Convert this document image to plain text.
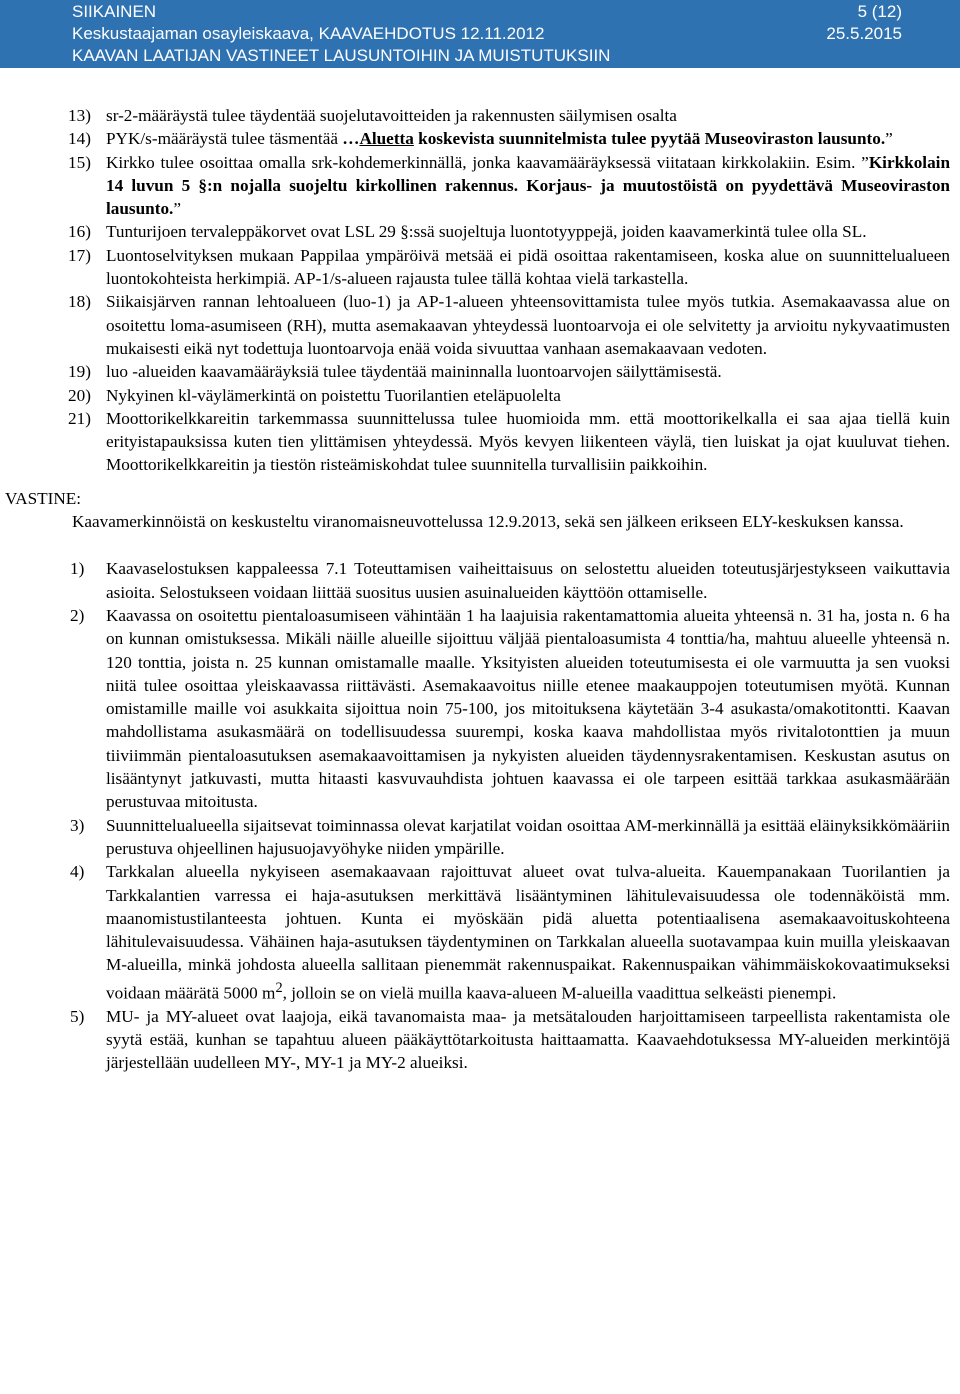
SIIKAINEN	5 (12)
Keskustaajaman osayleiskaava, KAAVAEHDOTUS 12.11.2012	25.5.2015
KAAVAN LAATIJAN VASTINEET LAUSUNTOIHIN JA MUISTUTUKSIIN
13) sr-2-määräystä tulee täydentää suojelutavoitteiden ja rakennusten säilymisen osalta
14) PYK/s-määräystä tulee täsmentää …Aluetta koskevista suunnitelmista tulee pyytää Museoviraston lausunto.”
15) Kirkko tulee osoittaa omalla srk-kohdemerkinnällä, jonka kaavamääräyksessä viitataan kirkkolakiin. Esim. ”Kirkkolain 14 luvun 5 §:n nojalla suojeltu kirkollinen rakennus. Korjaus- ja muutostöistä on pyydettävä Museoviraston lausunto.”
16) Tunturijoen tervaleppäkorvet ovat LSL 29 §:ssä suojeltuja luontotyyppejä, joiden kaavamerkintä tulee olla SL.
17) Luontoselvityksen mukaan Pappilaa ympäröivä metsää ei pidä osoittaa rakentamiseen, koska alue on suunnittelualueen luontokohteista herkimpiä. AP-1/s-alueen rajausta tulee tällä kohtaa vielä tarkastella.
18) Siikaisjärven rannan lehtoalueen (luo-1) ja AP-1-alueen yhteensovittamista tulee myös tutkia. Asemakaavassa alue on osoitettu loma-asumiseen (RH), mutta asemakaavan yhteydessä luontoarvoja ei ole selvitetty ja arvioitu nykyvaatimusten mukaisesti eikä nyt todettuja luontoarvoja enää voida sivuuttaa vanhaan asemakaavaan vedoten.
19) luo -alueiden kaavamääräyksiä tulee täydentää maininnalla luontoarvojen säilyttämisestä.
20) Nykyinen kl-väylämerkintä on poistettu Tuorilantien eteläpuolelta
21) Moottorikelkkareitin tarkemmassa suunnittelussa tulee huomioida mm. että moottorikelkalla ei saa ajaa tiellä kuin erityistapauksissa kuten tien ylittämisen yhteydessä. Myös kevyen liikenteen väylä, tien luiskat ja ojat kuuluvat tiehen. Moottorikelkkareitin ja tiestön risteämiskohdat tulee suunnitella turvallisiin paikkoihin.
VASTINE:
Kaavamerkinnöistä on keskusteltu viranomaisneuvottelussa 12.9.2013, sekä sen jälkeen erikseen ELY-keskuksen kanssa.
1) Kaavaselostuksen kappaleessa 7.1 Toteuttamisen vaiheittaisuus on selostettu alueiden toteutusjärjestykseen vaikuttavia asioita. Selostukseen voidaan liittää suositus uusien asuinalueiden käyttöön ottamiselle.
2) Kaavassa on osoitettu pientaloasumiseen vähintään 1 ha laajuisia rakentamattomia alueita yhteensä n. 31 ha, josta n. 6 ha on kunnan omistuksessa. Mikäli näille alueille sijoittuu väljää pientaloasumista 4 tonttia/ha, mahtuu alueelle yhteensä n. 120 tonttia, joista n. 25 kunnan omistamalle maalle. Yksityisten alueiden toteutumisesta ei ole varmuutta ja sen vuoksi niitä tulee osoittaa yleiskaavassa riittävästi. Asemakaavoitus niille etenee maakauppojen toteutumisen myötä. Kunnan omistamille maille voi asukkaita sijoittua noin 75-100, jos mitoituksena käytetään 3-4 asukasta/omakotitontti. Kaavan mahdollistama asukasmäärä on todellisuudessa suurempi, koska kaava mahdollistaa myös rivitalotonttien ja muun tiiviimmän pientaloasutuksen asemakaavoittamisen ja nykyisten alueiden täydennysrakentamisen. Keskustan asutus on lisääntynyt jatkuvasti, mutta hitaasti kasvuvauhdista johtuen kaavassa ei ole tarpeen esittää tarkkaa asukasmäärään perustuvaa mitoitusta.
3) Suunnittelualueella sijaitsevat toiminnassa olevat karjatilat voidan osoittaa AM-merkinnällä ja esittää eläinyksikkömääriin perustuva ohjeellinen hajusuojavyöhyke niiden ympärille.
4) Tarkkalan alueella nykyiseen asemakaavaan rajoittuvat alueet ovat tulva-alueita. Kauempanakaan Tuorilantien ja Tarkkalantien varressa ei haja-asutuksen merkittävä lisääntyminen lähitulevaisuudessa ole todennäköistä mm. maanomistustilanteesta johtuen. Kunta ei myöskään pidä aluetta potentiaalisena asemakaavoituskohteena lähitulevaisuudessa. Vähäinen haja-asutuksen täydentyminen on Tarkkalan alueella suotavampaa kuin muilla yleiskaavan M-alueilla, minkä johdosta alueella sallitaan pienemmät rakennuspaikat. Rakennuspaikan vähimmäiskokovaatimukseksi voidaan määrätä 5000 $m^2$, jolloin se on vielä muilla kaava-alueen M-alueilla vaadittua selkeästi pienempi.
5) MU- ja MY-alueet ovat laajoja, eikä tavanomaista maa- ja metsätalouden harjoittamiseen tarpeellista rakentamista ole syytä estää, kunhan se tapahtuu alueen pääkäyttötarkoitusta haittaamatta. Kaavaehdotuksessa MY-alueiden merkintöjä järjestellään uudelleen MY-, MY-1 ja MY-2 alueiksi.
